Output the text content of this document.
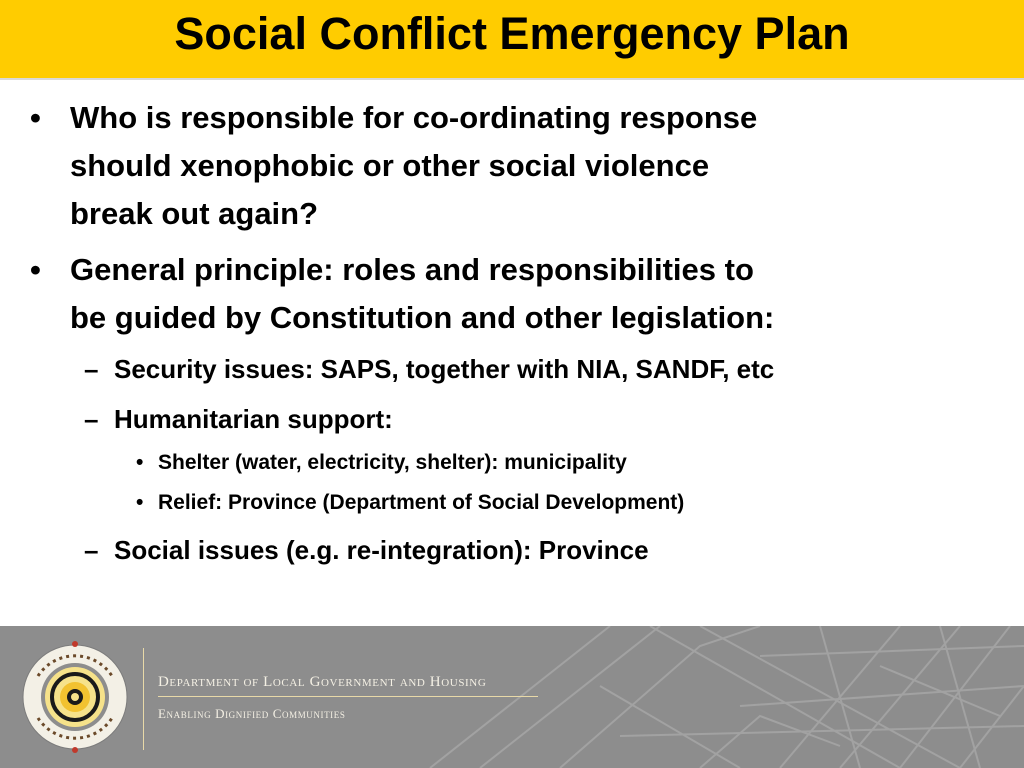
Social Conflict Emergency Plan
• Who is responsible for co-ordinating response
should xenophobic or other social violence
break out again?
• General principle: roles and responsibilities to
be guided by Constitution and other legislation:
– Security issues: SAPS, together with NIA, SANDF, etc
– Humanitarian support:
• Shelter (water, electricity, shelter): municipality
• Relief: Province (Department of Social Development)
– Social issues (e.g. re-integration): Province
Department of Local Government and Housing
Enabling Dignified Communities
